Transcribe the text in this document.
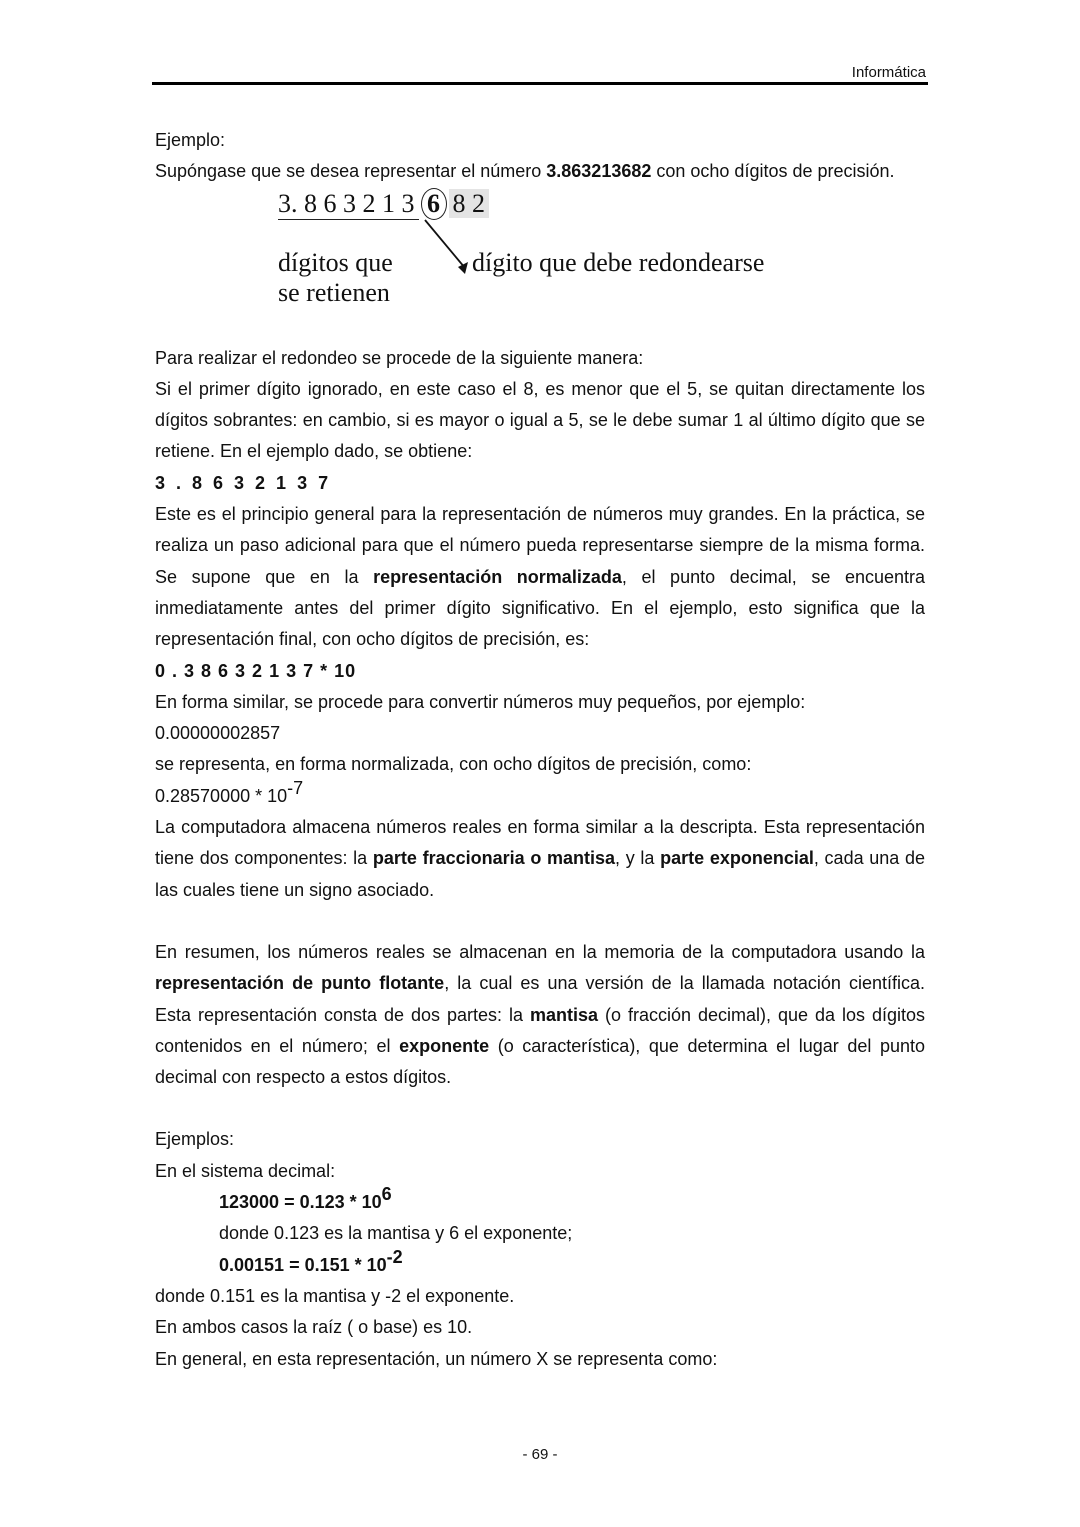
Informática

Ejemplo:

Supóngase que se desea representar el número 3.863213682 con ocho dígitos de precisión.

3. 8 6 3 2 1 3 6 8 2
dígitos que
se retienen
dígito que debe redondearse

Para realizar el redondeo se procede de la siguiente manera:

Si el primer dígito ignorado, en este caso el 8, es menor que el 5, se quitan directamente los dígitos sobrantes: en cambio, si es mayor o igual a 5, se le debe sumar 1 al último dígito que se retiene. En el ejemplo dado, se obtiene:

3 . 8 6 3 2 1 3 7

Este es el principio general para la representación de números muy grandes. En la práctica, se realiza un paso adicional para que el número pueda representarse siempre de la misma forma. Se supone que en la representación normalizada, el punto decimal, se encuentra inmediatamente antes del primer dígito significativo. En el ejemplo, esto significa que la representación final, con ocho dígitos de precisión, es:

0 . 3 8 6 3 2 1 3 7 * 10

En forma similar, se procede para convertir números muy pequeños, por ejemplo:

0.00000002857

se representa, en forma normalizada, con ocho dígitos de precisión, como:

$0.28570000 * 10^{-7}$

La computadora almacena números reales en forma similar a la descripta. Esta representación tiene dos componentes: la parte fraccionaria o mantisa, y la parte exponencial, cada una de las cuales tiene un signo asociado.

En resumen, los números reales se almacenan en la memoria de la computadora usando la representación de punto flotante, la cual es una versión de la llamada notación científica. Esta representación consta de dos partes: la mantisa (o fracción decimal), que da los dígitos contenidos en el número; el exponente (o característica), que determina el lugar del punto decimal con respecto a estos dígitos.

Ejemplos:

En el sistema decimal:

$123000 = 0.123 * 10^6$

donde 0.123 es la mantisa y 6 el exponente;

$0.00151 = 0.151 * 10^{-2}$

donde 0.151 es la mantisa y -2 el exponente.

En ambos casos la raíz ( o base) es 10.

En general, en esta representación, un número X se representa como:

- 69 -
